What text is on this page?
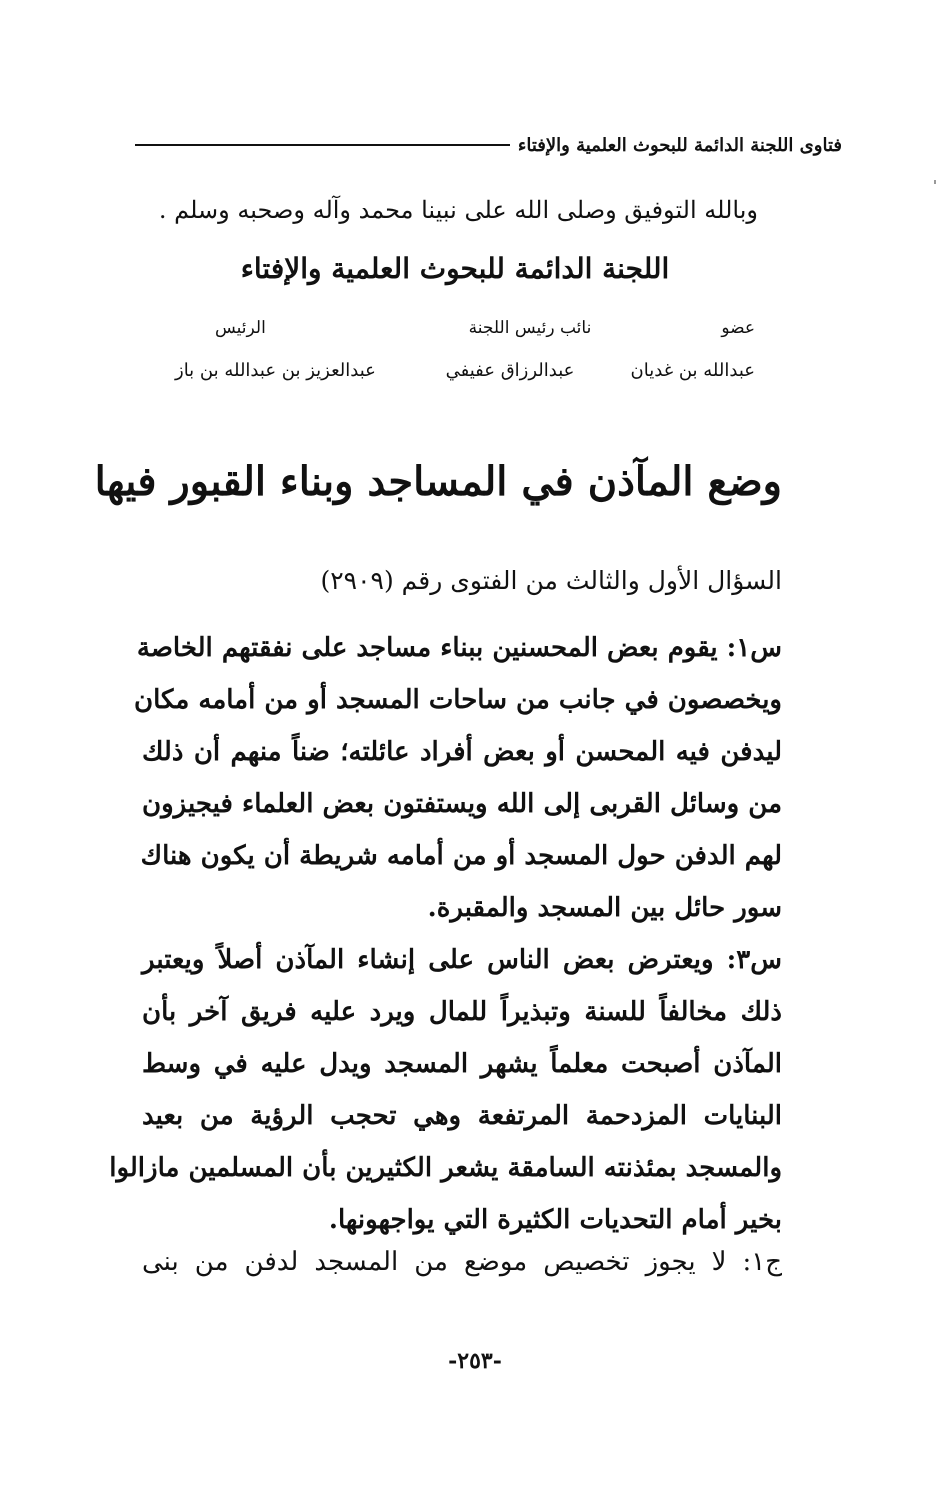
فتاوى اللجنة الدائمة للبحوث العلمية والإفتاء
وبالله التوفيق وصلى الله على نبينا محمد وآله وصحبه وسلم .
اللجنة الدائمة للبحوث العلمية والإفتاء
عضو
نائب رئيس اللجنة
الرئيس
عبدالله بن غديان
عبدالرزاق عفيفي
عبدالعزيز بن عبدالله بن باز
وضع المآذن في المساجد وبناء القبور فيها
السؤال الأول والثالث من الفتوى رقم (٢٩٠٩)
س١: يقوم بعض المحسنين ببناء مساجد على نفقتهم الخاصة
ويخصصون في جانب من ساحات المسجد أو من أمامه مكان
ليدفن فيه المحسن أو بعض أفراد عائلته؛ ضناً منهم أن ذلك
من وسائل القربى إلى الله ويستفتون بعض العلماء فيجيزون
لهم الدفن حول المسجد أو من أمامه شريطة أن يكون هناك
سور حائل بين المسجد والمقبرة.
س٣: ويعترض بعض الناس على إنشاء المآذن أصلاً ويعتبر
ذلك مخالفاً للسنة وتبذيراً للمال ويرد عليه فريق آخر بأن
المآذن أصبحت معلماً يشهر المسجد ويدل عليه في وسط
البنايات المزدحمة المرتفعة وهي تحجب الرؤية من بعيد
والمسجد بمئذنته السامقة يشعر الكثيرين بأن المسلمين مازالوا
بخير أمام التحديات الكثيرة التي يواجهونها.
ج١: لا يجوز تخصيص موضع من المسجد لدفن من بنى
-٢٥٣-
